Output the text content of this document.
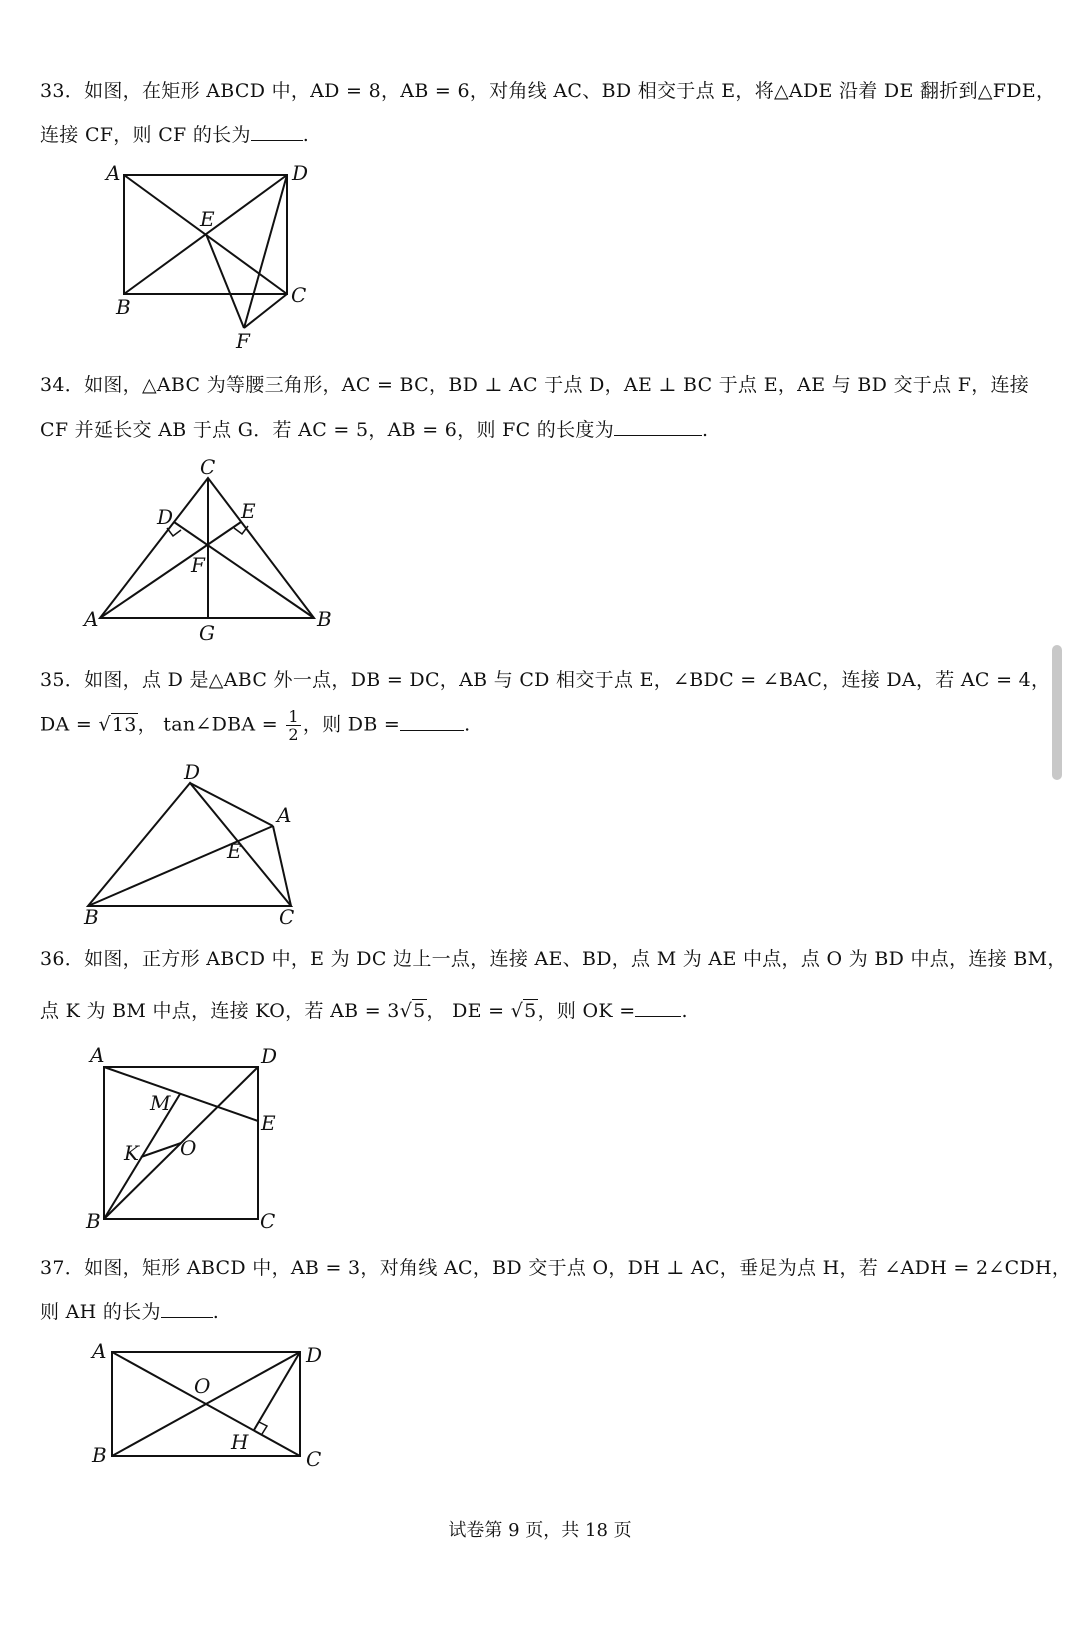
33．如图，在矩形 ABCD 中，AD = 8，AB = 6，对角线 AC、BD 相交于点 E，将△ADE 沿着 DE 翻折到△FDE，
连接 CF，则 CF 的长为	.
A	D
E
B	C
F
34．如图，△ABC 为等腰三角形，AC = BC，BD ⊥ AC 于点 D，AE ⊥ BC 于点 E，AE 与 BD 交于点 F，连接
CF 并延长交 AB 于点 G．若 AC = 5，AB = 6，则 FC 的长度为	.
C
D	E
F
A	B
G
35．如图，点 D 是△ABC 外一点，DB = DC，AB 与 CD 相交于点 E，∠BDC = ∠BAC，连接 DA，若 AC = 4，
DA = √13， tan∠DBA = $\frac{1}{2}$ ，则 DB =	.
D
A
E
B	C
36．如图，正方形 ABCD 中，E 为 DC 边上一点，连接 AE、BD，点 M 为 AE 中点，点 O 为 BD 中点，连接 BM，
点 K 为 BM 中点，连接 KO，若 AB = 3√5， DE = √5，则 OK = .
A	D
M
E
K O
B	C
37．如图，矩形 ABCD 中，AB = 3，对角线 AC，BD 交于点 O，DH ⊥ AC，垂足为点 H，若 ∠ADH = 2∠CDH，
则 AH 的长为	.
A	D
O
H
B	C
试卷第 9 页，共 18 页
